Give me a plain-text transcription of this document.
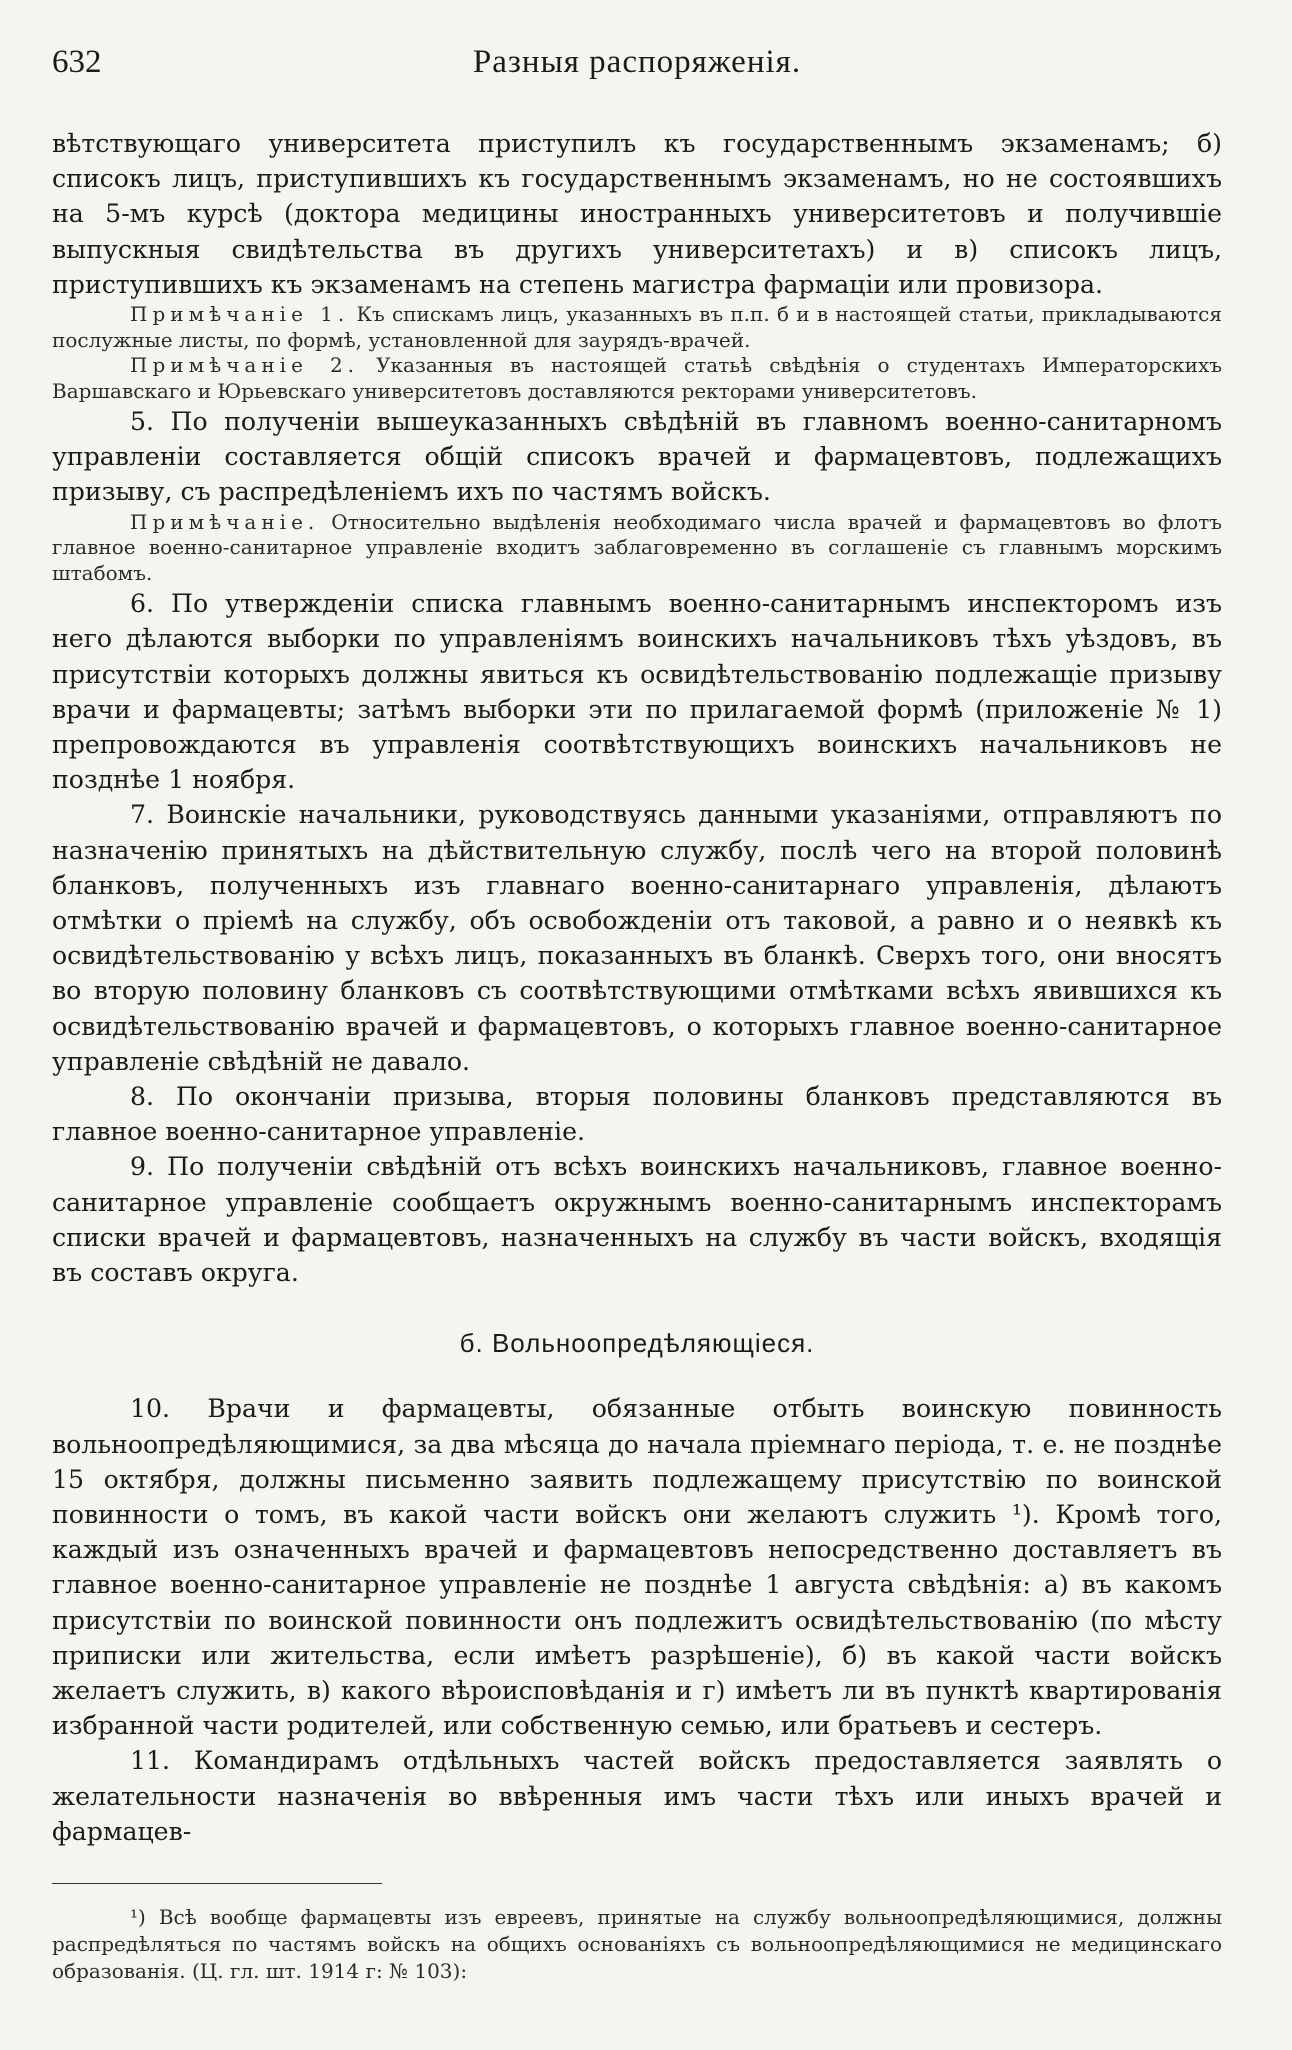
632	Разныя распоряженія.

вѣтствующаго университета приступилъ къ государственнымъ экзаменамъ; б) списокъ лицъ, приступившихъ къ государственнымъ экзаменамъ, но не состоявшихъ на 5-мъ курсѣ (доктора медицины иностранныхъ университетовъ и получившіе выпускныя свидѣтельства въ другихъ университетахъ) и в) списокъ лицъ, приступившихъ къ экзаменамъ на степень магистра фармаціи или провизора.

Примѣчаніе 1. Къ спискамъ лицъ, указанныхъ въ п.п. б и в настоящей статьи, прикладываются послужные листы, по формѣ, установленной для заурядъ-врачей.

Примѣчаніе 2. Указанныя въ настоящей статьѣ свѣдѣнія о студентахъ Императорскихъ Варшавскаго и Юрьевскаго университетовъ доставляются ректорами университетовъ.

5. По полученіи вышеуказанныхъ свѣдѣній въ главномъ военно-санитарномъ управленіи составляется общій списокъ врачей и фармацевтовъ, подлежащихъ призыву, съ распредѣленіемъ ихъ по частямъ войскъ.

Примѣчаніе. Относительно выдѣленія необходимаго числа врачей и фармацевтовъ во флотъ главное военно-санитарное управленіе входитъ заблаговременно въ соглашеніе съ главнымъ морскимъ штабомъ.

6. По утвержденіи списка главнымъ военно-санитарнымъ инспекторомъ изъ него дѣлаются выборки по управленіямъ воинскихъ начальниковъ тѣхъ уѣздовъ, въ присутствіи которыхъ должны явиться къ освидѣтельствованію подлежащіе призыву врачи и фармацевты; затѣмъ выборки эти по прилагаемой формѣ (приложеніе № 1) препровождаются въ управленія соотвѣтствующихъ воинскихъ начальниковъ не позднѣе 1 ноября.

7. Воинскіе начальники, руководствуясь данными указаніями, отправляютъ по назначенію принятыхъ на дѣйствительную службу, послѣ чего на второй половинѣ бланковъ, полученныхъ изъ главнаго военно-санитарнаго управленія, дѣлаютъ отмѣтки о пріемѣ на службу, объ освобожденіи отъ таковой, а равно и о неявкѣ къ освидѣтельствованію у всѣхъ лицъ, показанныхъ въ бланкѣ. Сверхъ того, они вносятъ во вторую половину бланковъ съ соотвѣтствующими отмѣтками всѣхъ явившихся къ освидѣтельствованію врачей и фармацевтовъ, о которыхъ главное военно-санитарное управленіе свѣдѣній не давало.

8. По окончаніи призыва, вторыя половины бланковъ представляются въ главное военно-санитарное управленіе.

9. По полученіи свѣдѣній отъ всѣхъ воинскихъ начальниковъ, главное военно-санитарное управленіе сообщаетъ окружнымъ военно-санитарнымъ инспекторамъ списки врачей и фармацевтовъ, назначенныхъ на службу въ части войскъ, входящія въ составъ округа.

б. Вольноопредѣляющіеся.

10. Врачи и фармацевты, обязанные отбыть воинскую повинность вольноопредѣляющимися, за два мѣсяца до начала пріемнаго періода, т. е. не позднѣе 15 октября, должны письменно заявить подлежащему присутствію по воинской повинности о томъ, въ какой части войскъ они желаютъ служить ¹). Кромѣ того, каждый изъ означенныхъ врачей и фармацевтовъ непосредственно доставляетъ въ главное военно-санитарное управленіе не позднѣе 1 августа свѣдѣнія: а) въ какомъ присутствіи по воинской повинности онъ подлежитъ освидѣтельствованію (по мѣсту приписки или жительства, если имѣетъ разрѣшеніе), б) въ какой части войскъ желаетъ служить, в) какого вѣроисповѣданія и г) имѣетъ ли въ пунктѣ квартированія избранной части родителей, или собственную семью, или братьевъ и сестеръ.

11. Командирамъ отдѣльныхъ частей войскъ предоставляется заявлять о желательности назначенія во ввѣренныя имъ части тѣхъ или иныхъ врачей и фармацев-

¹) Всѣ вообще фармацевты изъ евреевъ, принятые на службу вольноопредѣляющимися, должны распредѣляться по частямъ войскъ на общихъ основаніяхъ съ вольноопредѣляющимися не медицинскаго образованія. (Ц. гл. шт. 1914 г: № 103):
